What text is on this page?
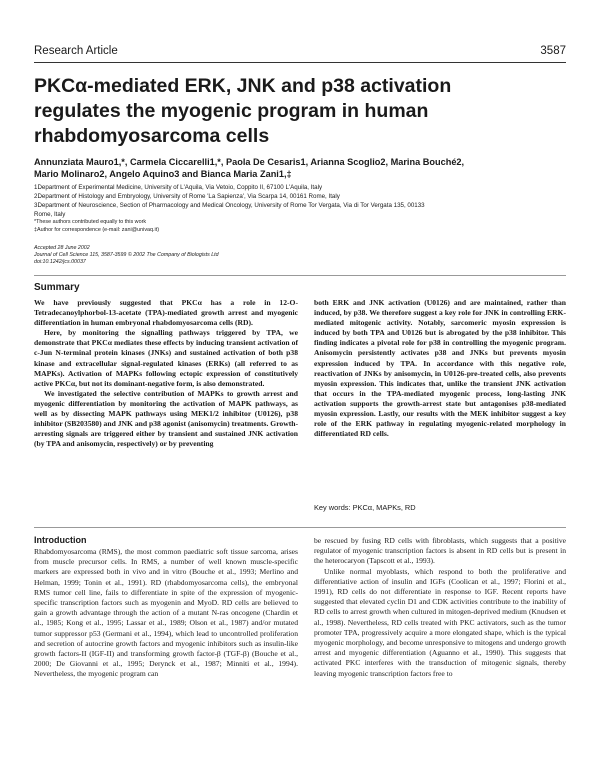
Research Article	3587
PKCα-mediated ERK, JNK and p38 activation
regulates the myogenic program in human
rhabdomyosarcoma cells
Annunziata Mauro1,*, Carmela Ciccarelli1,*, Paola De Cesaris1, Arianna Scoglio2, Marina Bouché2,
Mario Molinaro2, Angelo Aquino3 and Bianca Maria Zani1,‡
1Department of Experimental Medicine, University of L'Aquila, Via Vetoio, Coppito II, 67100 L'Aquila, Italy
2Department of Histology and Embryology, University of Rome 'La Sapienza', Via Scarpa 14, 00161 Rome, Italy
3Department of Neuroscience, Section of Pharmacology and Medical Oncology, University of Rome Tor Vergata, Via di Tor Vergata 135, 00133
Rome, Italy
*These authors contributed equally to this work
‡Author for correspondence (e-mail: zani@univaq.it)
Accepted 28 June 2002
Journal of Cell Science 115, 3587-3599 © 2002 The Company of Biologists Ltd
doi:10.1242/jcs.00037
Summary

We have previously suggested that PKCα has a role in 12-O-Tetradecanoylphorbol-13-acetate (TPA)-mediated growth arrest and myogenic differentiation in human embryonal rhabdomyosarcoma cells (RD).

Here, by monitoring the signalling pathways triggered by TPA, we demonstrate that PKCα mediates these effects by inducing transient activation of c-Jun N-terminal protein kinases (JNKs) and sustained activation of both p38 kinase and extracellular signal-regulated kinases (ERKs) (all referred to as MAPKs). Activation of MAPKs following ectopic expression of constitutively active PKCα, but not its dominant-negative form, is also demonstrated.

We investigated the selective contribution of MAPKs to growth arrest and myogenic differentiation by monitoring the activation of MAPK pathways, as well as by dissecting MAPK pathways using MEK1/2 inhibitor (U0126), p38 inhibitor (SB203580) and JNK and p38 agonist (anisomycin) treatments. Growth-arresting signals are triggered either by transient and sustained JNK activation (by TPA and anisomycin, respectively) or by preventing

both ERK and JNK activation (U0126) and are maintained, rather than induced, by p38. We therefore suggest a key role for JNK in controlling ERK-mediated mitogenic activity. Notably, sarcomeric myosin expression is induced by both TPA and U0126 but is abrogated by the p38 inhibitor. This finding indicates a pivotal role for p38 in controlling the myogenic program. Anisomycin persistently activates p38 and JNKs but prevents myosin expression induced by TPA. In accordance with this negative role, reactivation of JNKs by anisomycin, in U0126-pre-treated cells, also prevents myosin expression. This indicates that, unlike the transient JNK activation that occurs in the TPA-mediated myogenic process, long-lasting JNK activation supports the growth-arrest state but antagonises p38-mediated myosin expression. Lastly, our results with the MEK inhibitor suggest a key role of the ERK pathway in regulating myogenic-related morphology in differentiated RD cells.

Key words: PKCα, MAPKs, RD
Introduction

Rhabdomyosarcoma (RMS), the most common paediatric soft tissue sarcoma, arises from muscle precursor cells. In RMS, a number of well known muscle-specific markers are expressed both in vivo and in vitro (Bouche et al., 1993; Merlino and Helman, 1999; Tonin et al., 1991). RD (rhabdomyosarcoma cells), the embryonal RMS tumor cell line, fails to differentiate in spite of the expression of myogenic-specific transcription factors such as myogenin and MyoD. RD cells are believed to gain a growth advantage through the action of a mutant N-ras oncogene (Chardin et al., 1985; Kong et al., 1995; Lassar et al., 1989; Olson et al., 1987) and/or mutated tumor suppressor p53 (Germani et al., 1994), which lead to uncontrolled proliferation and secretion of autocrine growth factors and myogenic inhibitors such as insulin-like growth factors-II (IGF-II) and transforming growth factor-β (TGF-β) (Bouche et al., 2000; De Giovanni et al., 1995; Derynck et al., 1987; Minniti et al., 1994). Nevertheless, the myogenic program can

be rescued by fusing RD cells with fibroblasts, which suggests that a positive regulator of myogenic transcription factors is absent in RD cells but is present in the heterocaryon (Tapscott et al., 1993).

Unlike normal myoblasts, which respond to both the proliferative and differentiative action of insulin and IGFs (Coolican et al., 1997; Florini et al., 1991), RD cells do not differentiate in response to IGF. Recent reports have suggested that elevated cyclin D1 and CDK activities contribute to the inability of RD cells to arrest growth when cultured in mitogen-deprived medium (Knudsen et al., 1998). Nevertheless, RD cells treated with PKC activators, such as the tumor promoter TPA, progressively acquire a more elongated shape, which is the typical myogenic morphology, and become unresponsive to mitogens and undergo growth arrest and myogenic differentiation (Aguanno et al., 1990). This suggests that activated PKC interferes with the transduction of mitogenic signals, thereby leaving myogenic transcription factors free to
